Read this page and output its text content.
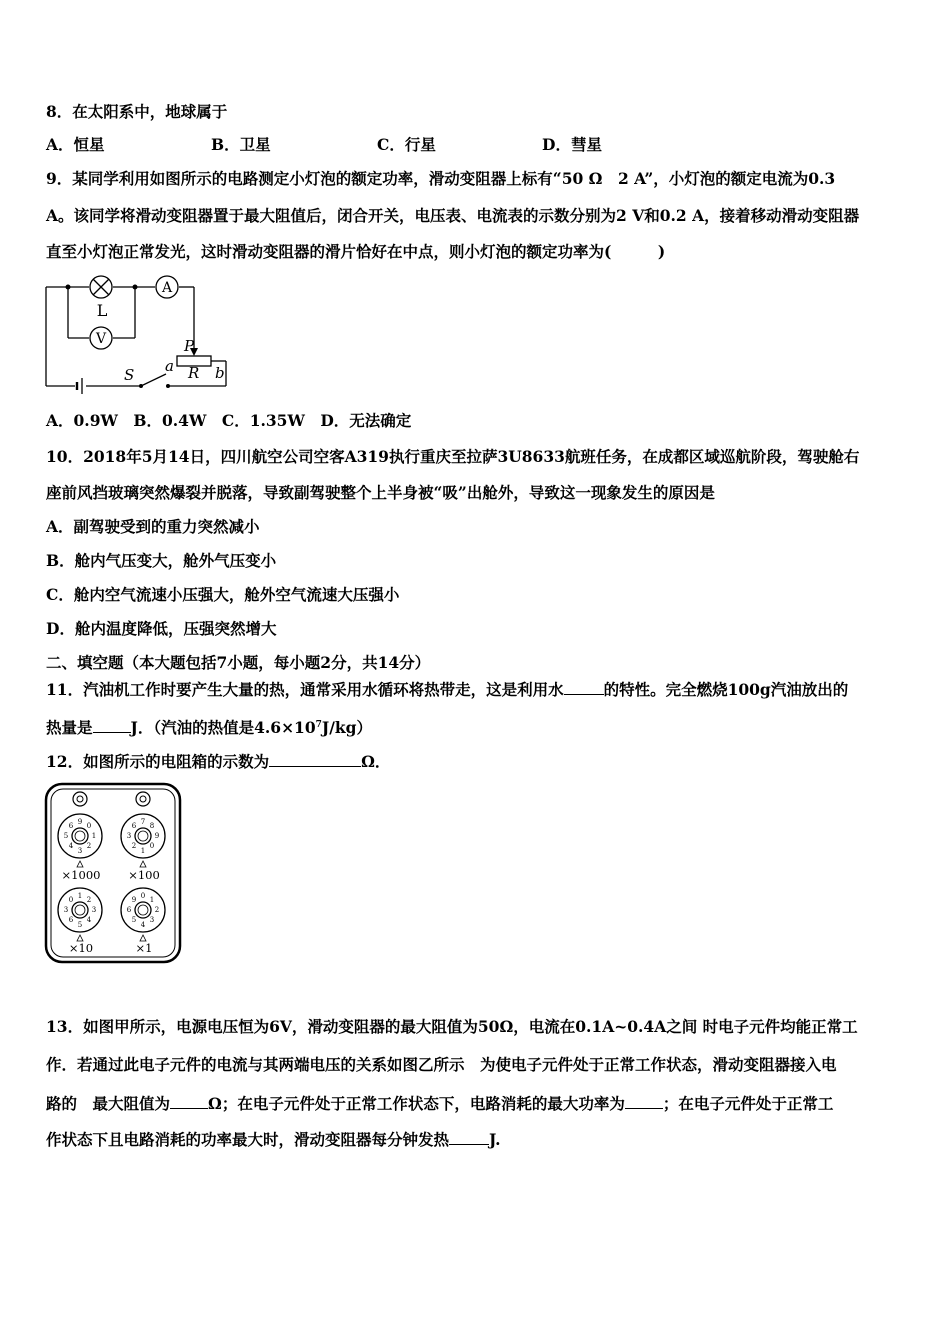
8．在太阳系中，地球属于
A．恒星	B．卫星	C．行星	D．彗星
9．某同学利用如图所示的电路测定小灯泡的额定功率，滑动变阻器上标有“50 Ω　2 A”，小灯泡的额定电流为0.3
A。该同学将滑动变阻器置于最大阻值后，闭合开关，电压表、电流表的示数分别为2 V和0.2 A，接着移动滑动变阻器
直至小灯泡正常发光，这时滑动变阻器的滑片恰好在中点，则小灯泡的额定功率为(　　　)
A
V
L
P
R
a	b
S
A．0.9W　B．0.4W　C．1.35W　D．无法确定
10．2018年5月14日，四川航空公司空客A319执行重庆至拉萨3U8633航班任务，在成都区域巡航阶段，驾驶舱右
座前风挡玻璃突然爆裂并脱落，导致副驾驶整个上半身被“吸”出舱外，导致这一现象发生的原因是
A．副驾驶受到的重力突然减小
B．舱内气压变大，舱外气压变小
C．舱内空气流速小压强大，舱外空气流速大压强小
D．舱内温度降低，压强突然增大
二、填空题（本大题包括7小题，每小题2分，共14分）
11．汽油机工作时要产生大量的热，通常采用水循环将热带走，这是利用水	的特性。完全燃烧100g汽油放出的
热量是 J．（汽油的热值是$4.6\times 10^7J/kg$）
12．如图所示的电阻箱的示数为	Ω．
9 0
1
2
3
4
5
6	7 8
9
0
1
2
3
6
1 2
3
4
5
6
3
0	0 1
2
3
4
5
6
9
×1000 ×100
×10	×1
13．如图甲所示，电源电压恒为6V，滑动变阻器的最大阻值为50Ω，电流在0.1A~0.4A之间 时电子元件均能正常工
作．若通过此电子元件的电流与其两端电压的关系如图乙所示　为使电子元件处于正常工作状态，滑动变阻器接入电
路的　最大阻值为 Ω；在电子元件处于正常工作状态下，电路消耗的最大功率为 ；在电子元件处于正常工
作状态下且电路消耗的功率最大时，滑动变阻器每分钟发热	J.
